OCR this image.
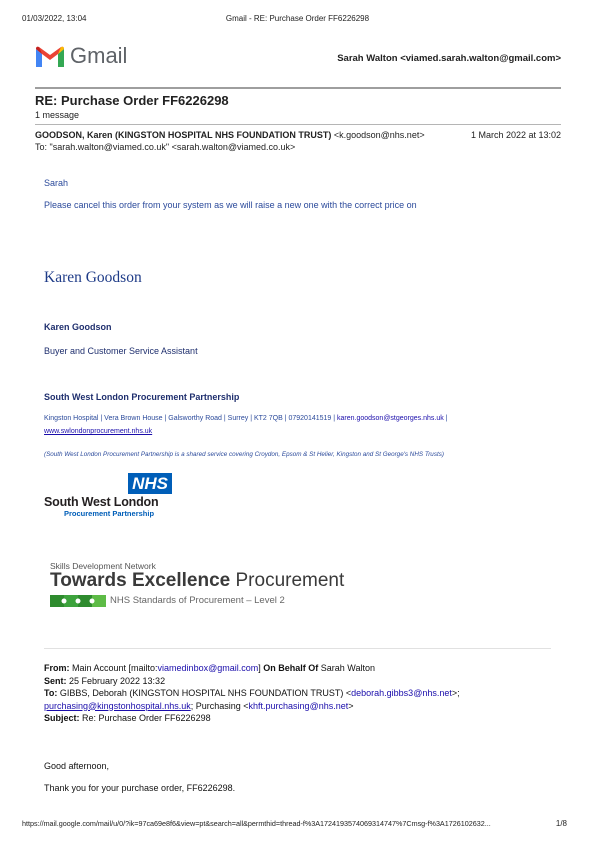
01/03/2022, 13:04	Gmail - RE: Purchase Order FF6226298
Gmail	Sarah Walton <viamed.sarah.walton@gmail.com>
RE: Purchase Order FF6226298
1 message
GOODSON, Karen (KINGSTON HOSPITAL NHS FOUNDATION TRUST) <k.goodson@nhs.net>	1 March 2022 at 13:02
To: "sarah.walton@viamed.co.uk" <sarah.walton@viamed.co.uk>
Sarah
Please cancel this order from your system as we will raise a new one with the correct price on
Karen Goodson
Karen Goodson
Buyer and Customer Service Assistant
South West London Procurement Partnership
Kingston Hospital | Vera Brown House | Galsworthy Road | Surrey | KT2 7QB | 07920141519 | karen.goodson@stgeorges.nhs.uk |
www.swlondonprocurement.nhs.uk
(South West London Procurement Partnership is a shared service covering Croydon, Epsom & St Helier, Kingston and St George's NHS Trusts)
NHS
South West London
Procurement Partnership
Skills Development Network
Towards Excellence Procurement
NHS Standards of Procurement – Level 2
From: Main Account [mailto:viamedinbox@gmail.com] On Behalf Of Sarah Walton
Sent: 25 February 2022 13:32
To: GIBBS, Deborah (KINGSTON HOSPITAL NHS FOUNDATION TRUST) <deborah.gibbs3@nhs.net>;
purchasing@kingstonhospital.nhs.uk; Purchasing <khft.purchasing@nhs.net>
Subject: Re: Purchase Order FF6226298
Good afternoon,
Thank you for your purchase order, FF6226298.
https://mail.google.com/mail/u/0/?ik=97ca69e8f6&view=pt&search=all&permthid=thread-f%3A1724193574069314747%7Cmsg-f%3A1726102632...	1/8
